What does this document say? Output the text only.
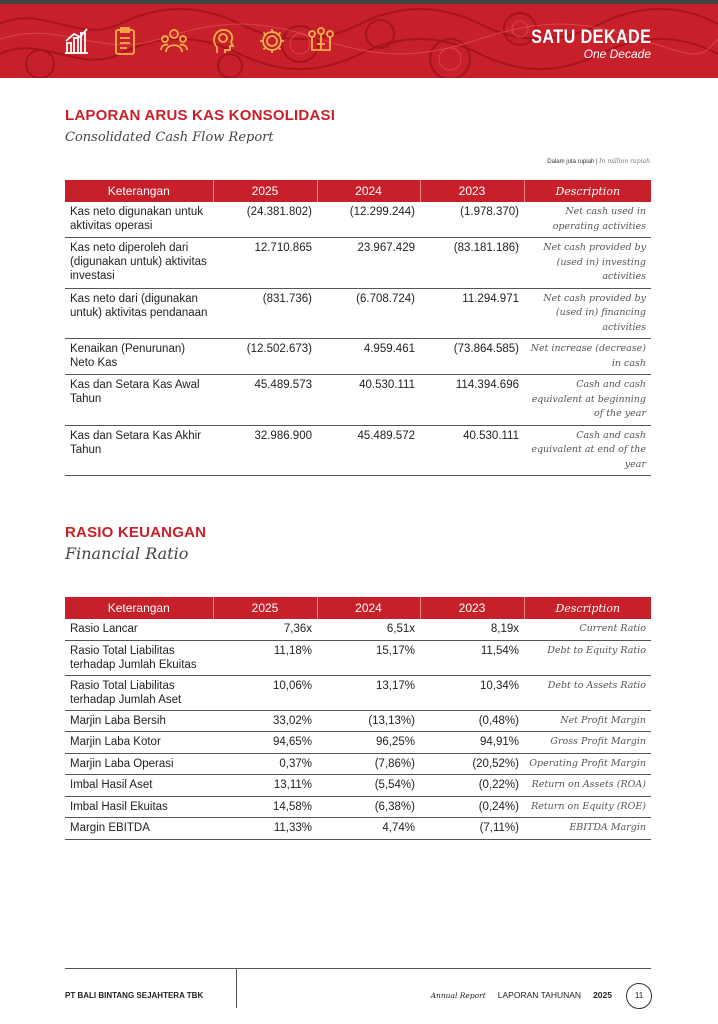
SATU DEKADE
One Decade
LAPORAN ARUS KAS KONSOLIDASI
Consolidated Cash Flow Report
Dalam juta rupiah | In million rupiah
Keterangan	2025	2024	2023	Description
Kas neto digunakan untuk aktivitas operasi	(24.381.802)	(12.299.244)	(1.978.370)	Net cash used in operating activities
Kas neto diperoleh dari (digunakan untuk) aktivitas investasi	12.710.865	23.967.429	(83.181.186)	Net cash provided by (used in) investing activities
Kas neto dari (digunakan untuk) aktivitas pendanaan	(831.736)	(6.708.724)	11.294.971	Net cash provided by (used in) financing activities
Kenaikan (Penurunan) Neto Kas	(12.502.673)	4.959.461	(73.864.585)	Net increase (decrease) in cash
Kas dan Setara Kas Awal Tahun	45.489.573	40.530.111	114.394.696	Cash and cash equivalent at beginning of the year
Kas dan Setara Kas Akhir Tahun	32.986.900	45.489.572	40.530.111	Cash and cash equivalent at end of the year
RASIO KEUANGAN
Financial Ratio
Keterangan	2025	2024	2023	Description
Rasio Lancar	7,36x	6,51x	8,19x	Current Ratio
Rasio Total Liabilitas terhadap Jumlah Ekuitas	11,18%	15,17%	11,54%	Debt to Equity Ratio
Rasio Total Liabilitas terhadap Jumlah Aset	10,06%	13,17%	10,34%	Debt to Assets Ratio
Marjin Laba Bersih	33,02%	(13,13%)	(0,48%)	Net Profit Margin
Marjin Laba Kotor	94,65%	96,25%	94,91%	Gross Profit Margin
Marjin Laba Operasi	0,37%	(7,86%)	(20,52%)	Operating Profit Margin
Imbal Hasil Aset	13,11%	(5,54%)	(0,22%)	Return on Assets (ROA)
Imbal Hasil Ekuitas	14,58%	(6,38%)	(0,24%)	Return on Equity (ROE)
Margin EBITDA	11,33%	4,74%	(7,11%)	EBITDA Margin
PT BALI BINTANG SEJAHTERA TBK	Annual Report LAPORAN TAHUNAN 2025	11
